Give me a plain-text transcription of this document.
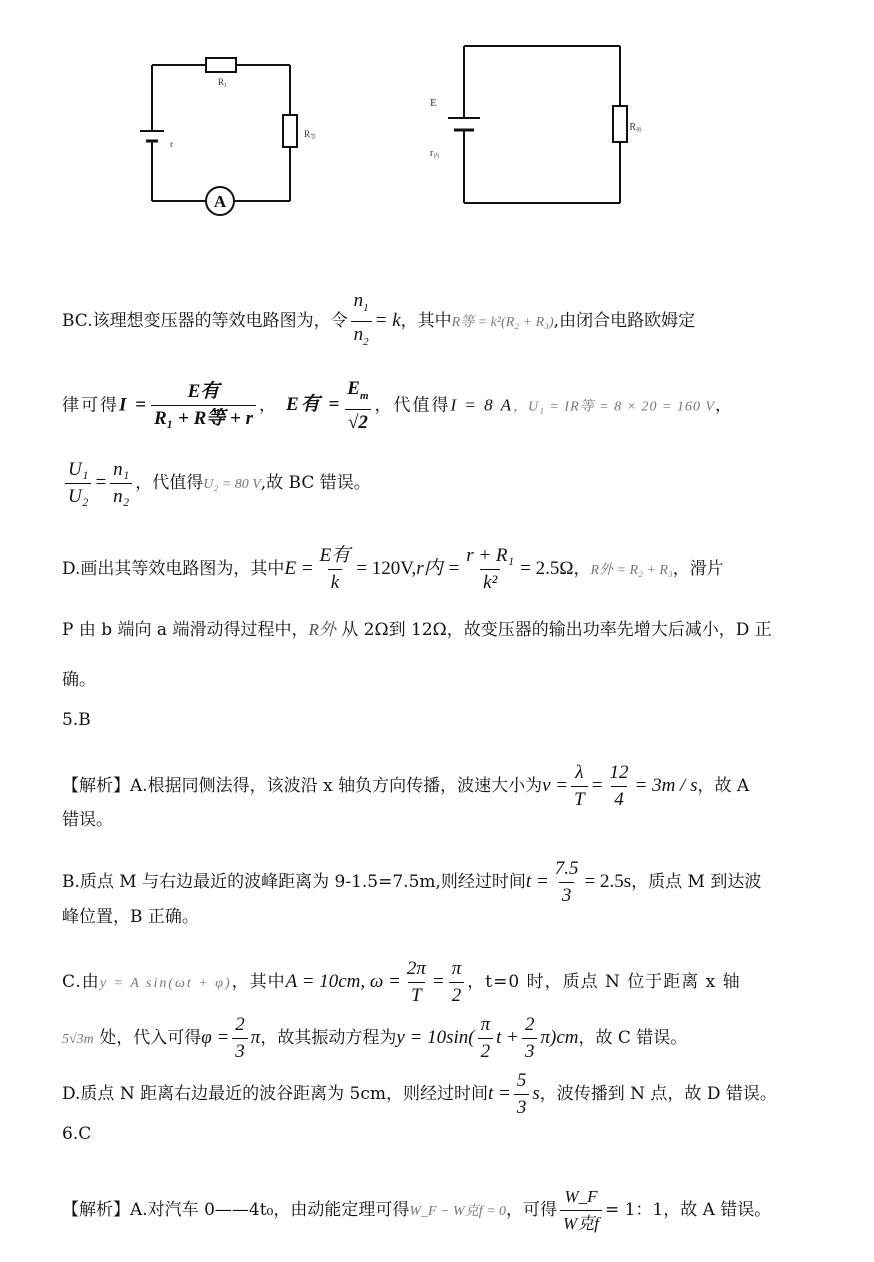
A
$R_1$
$R_等$
r
E
$r_内$
$R_外$
BC.该理想变压器的等效电路图为，令 $\frac{n_1}{n_2} = k$，其中R等 = k²(R₂ + R₃),由闭合电路欧姆定
律可得$I = \frac{\text{E有}}{\text{R₁ + R等 + r}}$ ， E有 = $\frac{E_m}{√2}$ ，代值得I = 8 A，U₁ = IR等 = 8 × 20 = 160 V，
$\frac{\text{U₁}}{\text{U₂}} = \frac{\text{n₁}}{\text{n₂}}$ ，代值得U₂ = 80 V,故 BC 错误。
D.画出其等效电路图为，其中$E = \frac{\text{E有}}{k} = 120V,r$内 = $\frac{\text{r + R₁}}{\text{k²}} = 2.5\Omega$，R外 = R₂ + R₃，滑片
P 由 b 端向 a 端滑动得过程中，R外 从 2Ω到 12Ω，故变压器的输出功率先增大后减小，D 正
确。
5.B
【解析】A.根据同侧法得，该波沿 x 轴负方向传播，波速大小为$v = \frac{\lambda}{T} = \frac{12}{4} = 3m / s$，故 A
错误。
B.质点 M 与右边最近的波峰距离为 9-1.5=7.5m,则经过时间$t = \frac{7.5}{3} = 2.5s$，质点 M 到达波
峰位置，B 正确。
C.由y = A sin(ωt + φ)，其中A = 10cm, $\omega = \frac{2\pi}{T} = \frac{\pi}{2}$ ，t=0 时，质点 N 位于距离 x 轴
5√3m 处，代入可得$\varphi = \frac{2}{3}$ π，故其振动方程为$y = 10\sin( \frac{\pi}{2}$ $t + \frac{2}{3} \pi)cm$，故 C 错误。
D.质点 N 距离右边最近的波谷距离为 5cm，则经过时间$t = \frac{5}{3}$ s，波传播到 N 点，故 D 错误。
6.C
【解析】A.对汽车 0——4t₀，由动能定理可得W_F − W克f = 0，可得 $\frac{W\_F}{\text{W克f}} = 1$：1，故 A 错误。
